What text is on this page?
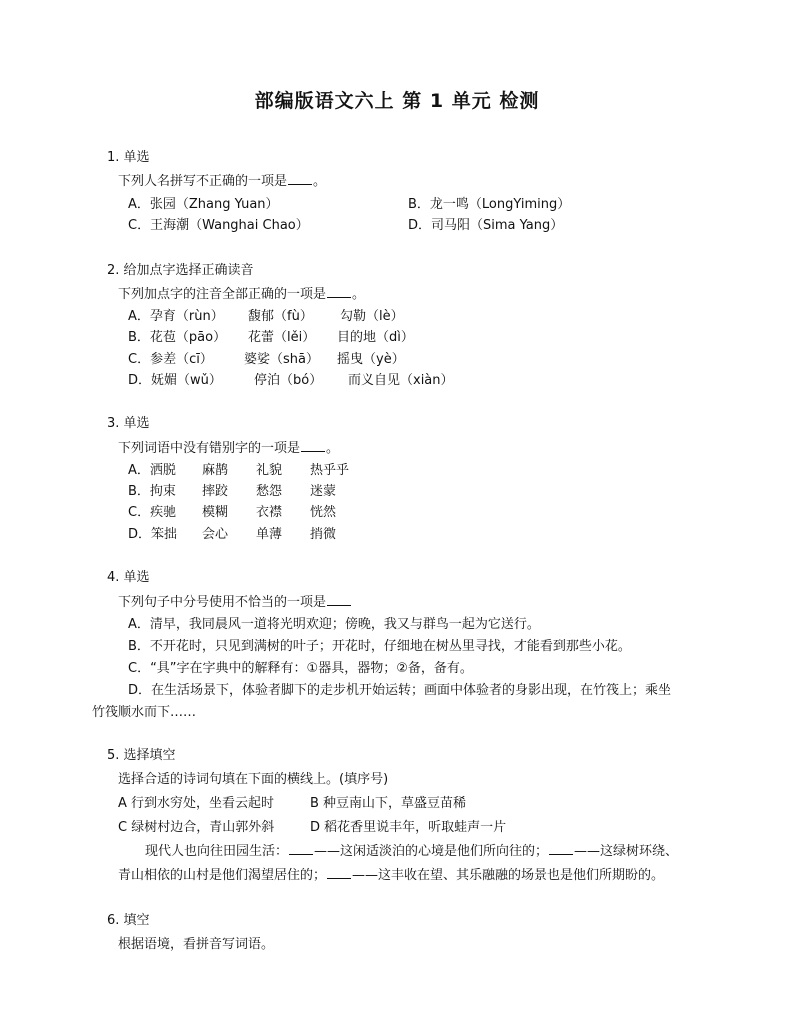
部编版语文六上 第 1 单元 检测
1. 单选
下列人名拼写不正确的一项是 。
A．张园（Zhang Yuan）	B．龙一鸣（LongYiming）
C．王海潮（Wanghai Chao）	D．司马阳（Sima Yang）
2. 给加点字选择正确读音
下列加点字的注音全部正确的一项是 。
A．孕育（rùn） 馥郁（fù） 勾勒（lè）
B．花苞（pāo） 花蕾（lěi） 目的地（dì）
C．参差（cī） 婆娑（shā） 摇曳（yè）
D．妩媚（wǔ） 停泊（bó） 而义自见（xiàn）
3. 单选
下列词语中没有错别字的一项是 。
A．洒脱 麻鹊 礼貌 热乎乎
B．拘束 摔跤 愁怨 迷蒙
C．疾驰 模糊 衣襟 恍然
D．笨拙 会心 单薄 捎微
4. 单选
下列句子中分号使用不恰当的一项是
A．清早，我同晨风一道将光明欢迎；傍晚，我又与群鸟一起为它送行。
B．不开花时，只见到满树的叶子；开花时，仔细地在树丛里寻找，才能看到那些小花。
C．“具”字在字典中的解释有：①器具，器物；②备，备有。
D．在生活场景下，体验者脚下的走步机开始运转；画面中体验者的身影出现，在竹筏上；乘坐
竹筏顺水而下……
5. 选择填空
选择合适的诗词句填在下面的横线上。(填序号)
A 行到水穷处，坐看云起时	B 种豆南山下，草盛豆苗稀
C 绿树村边合，青山郭外斜	D 稻花香里说丰年，听取蛙声一片
现代人也向往田园生活： ——这闲适淡泊的心境是他们所向往的； ——这绿树环绕、
青山相依的山村是他们渴望居住的； ——这丰收在望、其乐融融的场景也是他们所期盼的。
6. 填空
根据语境，看拼音写词语。
